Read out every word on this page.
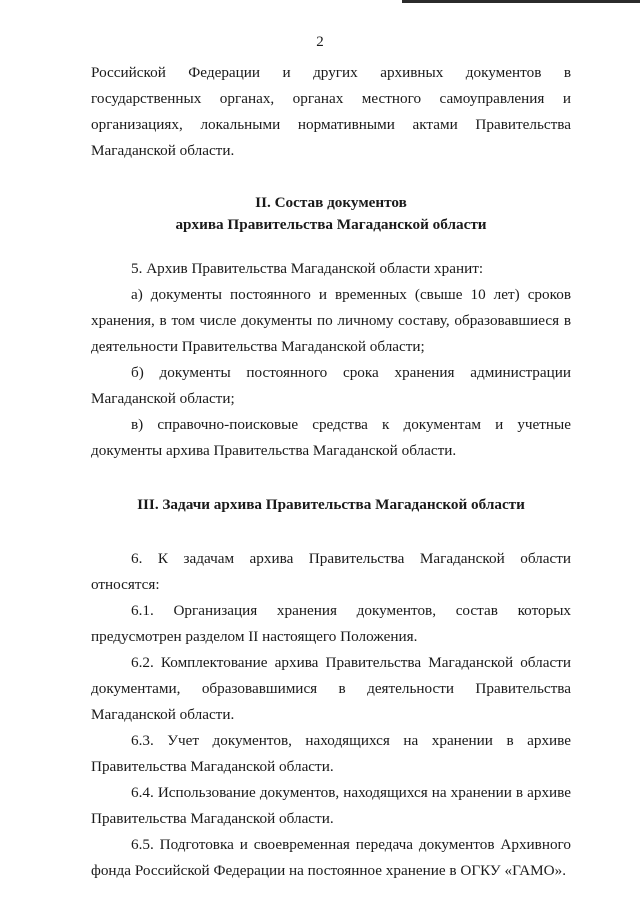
2

Российской Федерации и других архивных документов в государственных органах, органах местного самоуправления и организациях, локальными нормативными актами Правительства Магаданской области.

II. Состав документов

архива Правительства Магаданской области

5. Архив Правительства Магаданской области хранит:

а) документы постоянного и временных (свыше 10 лет) сроков хранения, в том числе документы по личному составу, образовавшиеся в деятельности Правительства Магаданской области;

б) документы постоянного срока хранения администрации Магаданской области;

в) справочно-поисковые средства к документам и учетные документы архива Правительства Магаданской области.

III. Задачи архива Правительства Магаданской области

6. К задачам архива Правительства Магаданской области относятся:

6.1. Организация хранения документов, состав которых предусмотрен разделом II настоящего Положения.

6.2. Комплектование архива Правительства Магаданской области документами, образовавшимися в деятельности Правительства Магаданской области.

6.3. Учет документов, находящихся на хранении в архиве Правительства Магаданской области.

6.4. Использование документов, находящихся на хранении в архиве Правительства Магаданской области.

6.5. Подготовка и своевременная передача документов Архивного фонда Российской Федерации на постоянное хранение в ОГКУ «ГАМО».
